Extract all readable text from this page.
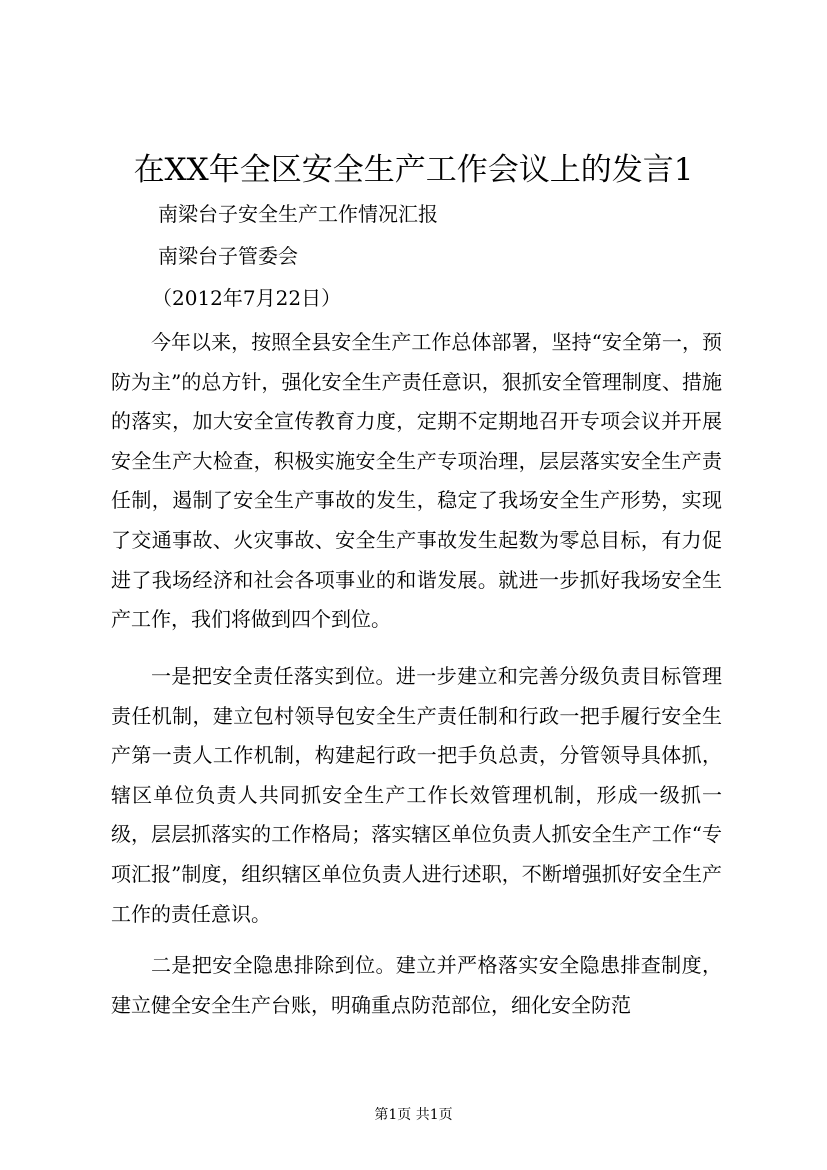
在XX年全区安全生产工作会议上的发言1
南梁台子安全生产工作情况汇报
南梁台子管委会
（2012年7月22日）

今年以来，按照全县安全生产工作总体部署，坚持“安全第一，预防为主”的总方针，强化安全生产责任意识，狠抓安全管理制度、措施的落实，加大安全宣传教育力度，定期不定期地召开专项会议并开展安全生产大检查，积极实施安全生产专项治理，层层落实安全生产责任制，遏制了安全生产事故的发生，稳定了我场安全生产形势，实现了交通事故、火灾事故、安全生产事故发生起数为零总目标，有力促进了我场经济和社会各项事业的和谐发展。就进一步抓好我场安全生产工作，我们将做到四个到位。

一是把安全责任落实到位。进一步建立和完善分级负责目标管理责任机制，建立包村领导包安全生产责任制和行政一把手履行安全生产第一责人工作机制，构建起行政一把手负总责，分管领导具体抓，辖区单位负责人共同抓安全生产工作长效管理机制，形成一级抓一级，层层抓落实的工作格局；落实辖区单位负责人抓安全生产工作“专项汇报”制度，组织辖区单位负责人进行述职，不断增强抓好安全生产工作的责任意识。

二是把安全隐患排除到位。建立并严格落实安全隐患排查制度，建立健全安全生产台账，明确重点防范部位，细化安全防范

第1页 共1页
